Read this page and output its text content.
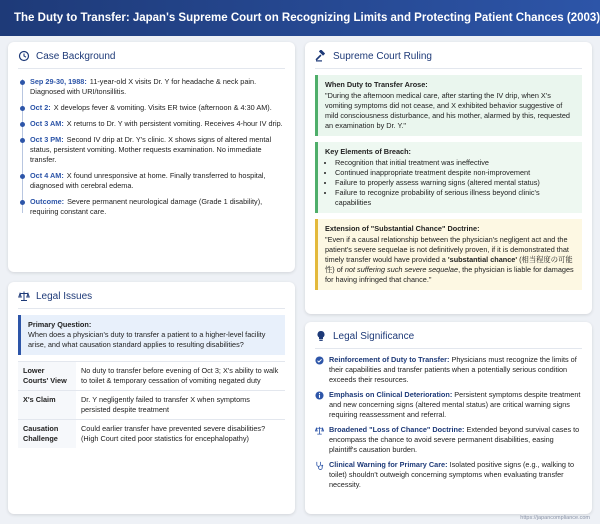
The Duty to Transfer: Japan's Supreme Court on Recognizing Limits and Protecting Patient Chances (2003)
Case Background
Sep 29-30, 1988: 11-year-old X visits Dr. Y for headache & neck pain. Diagnosed with URI/tonsillitis.
Oct 2: X develops fever & vomiting. Visits ER twice (afternoon & 4:30 AM).
Oct 3 AM: X returns to Dr. Y with persistent vomiting. Receives 4-hour IV drip.
Oct 3 PM: Second IV drip at Dr. Y's clinic. X shows signs of altered mental status, persistent vomiting. Mother requests examination. No immediate transfer.
Oct 4 AM: X found unresponsive at home. Finally transferred to hospital, diagnosed with cerebral edema.
Outcome: Severe permanent neurological damage (Grade 1 disability), requiring constant care.
Legal Issues
Primary Question:
When does a physician's duty to transfer a patient to a higher-level facility arise, and what causation standard applies to resulting disabilities?
Lower Courts' View	No duty to transfer before evening of Oct 3; X's ability to walk to toilet & temporary cessation of vomiting negated duty
X's Claim	Dr. Y negligently failed to transfer X when symptoms persisted despite treatment
Causation Challenge	Could earlier transfer have prevented severe disabilities? (High Court cited poor statistics for encephalopathy)
Supreme Court Ruling
When Duty to Transfer Arose:
"During the afternoon medical care, after starting the IV drip, when X's vomiting symptoms did not cease, and X exhibited behavior suggestive of mild consciousness disturbance, and his mother, alarmed by this, requested an examination by Dr. Y."
Key Elements of Breach:
• Recognition that initial treatment was ineffective
• Continued inappropriate treatment despite non-improvement
• Failure to properly assess warning signs (altered mental status)
• Failure to recognize probability of serious illness beyond clinic's capabilities
Extension of "Substantial Chance" Doctrine:
"Even if a causal relationship between the physician's negligent act and the patient's severe sequelae is not definitively proven, if it is demonstrated that timely transfer would have provided a 'substantial chance' (相当程度の可能性) of not suffering such severe sequelae, the physician is liable for damages for having infringed that chance."
Legal Significance
Reinforcement of Duty to Transfer: Physicians must recognize the limits of their capabilities and transfer patients when a potentially serious condition exceeds their resources.
Emphasis on Clinical Deterioration: Persistent symptoms despite treatment and new concerning signs (altered mental status) are critical warning signs requiring reassessment and referral.
Broadened "Loss of Chance" Doctrine: Extended beyond survival cases to encompass the chance to avoid severe permanent disabilities, easing plaintiff's causation burden.
Clinical Warning for Primary Care: Isolated positive signs (e.g., walking to toilet) shouldn't outweigh concerning symptoms when evaluating transfer necessity.
https://japancompliance.com
